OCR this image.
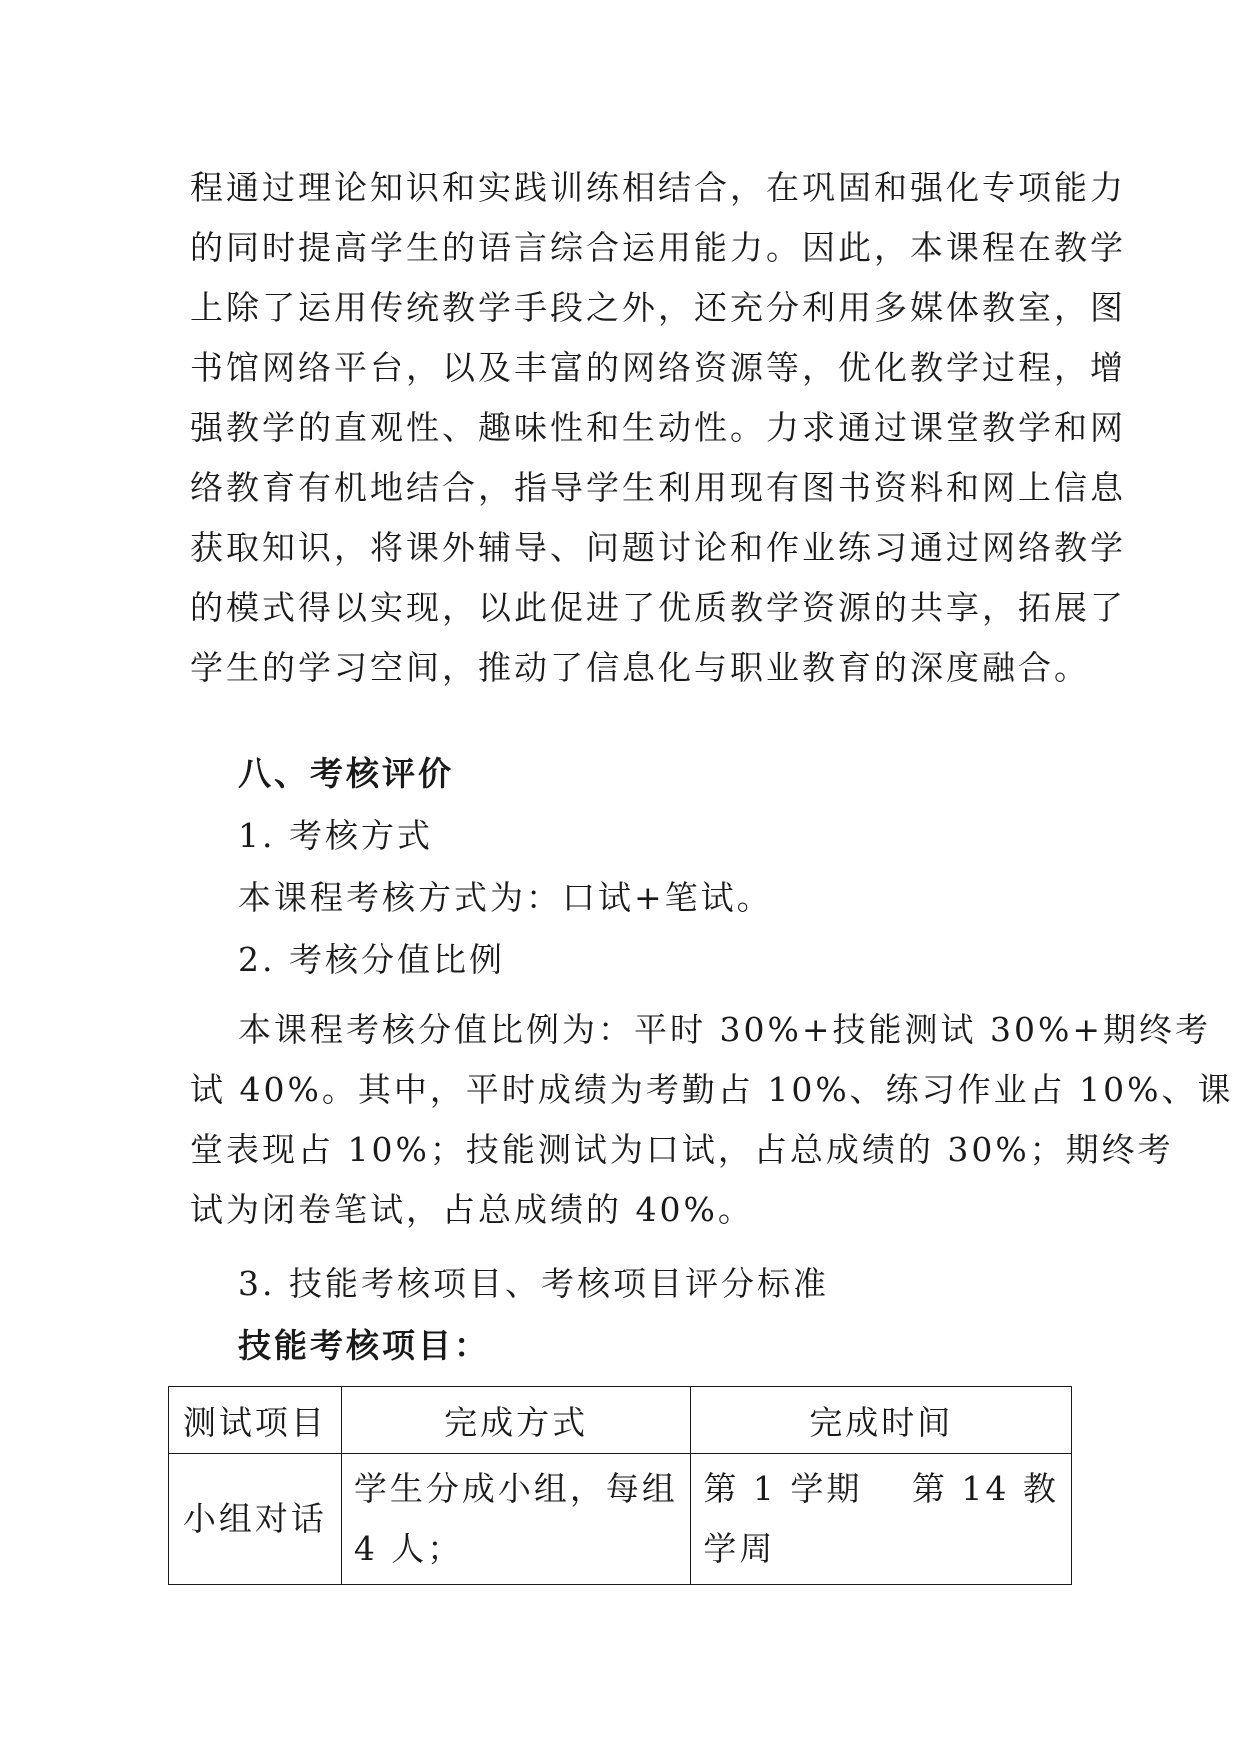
程通过理论知识和实践训练相结合，在巩固和强化专项能力
的同时提高学生的语言综合运用能力。因此，本课程在教学
上除了运用传统教学手段之外，还充分利用多媒体教室，图
书馆网络平台，以及丰富的网络资源等，优化教学过程，增
强教学的直观性、趣味性和生动性。力求通过课堂教学和网
络教育有机地结合，指导学生利用现有图书资料和网上信息
获取知识，将课外辅导、问题讨论和作业练习通过网络教学
的模式得以实现，以此促进了优质教学资源的共享，拓展了
学生的学习空间，推动了信息化与职业教育的深度融合。
八、考核评价
1. 考核方式
本课程考核方式为：口试+笔试。
2. 考核分值比例
本课程考核分值比例为：平时 30%+技能测试 30%+期终考
试 40%。其中，平时成绩为考勤占 10%、练习作业占 10%、课
堂表现占 10%；技能测试为口试，占总成绩的 30%；期终考
试为闭卷笔试，占总成绩的 40%。
3. 技能考核项目、考核项目评分标准
技能考核项目：
测试项目	完成方式	完成时间
小组对话	学生分成小组，每组 4 人；	第 1 学期　 第 14 教学周
